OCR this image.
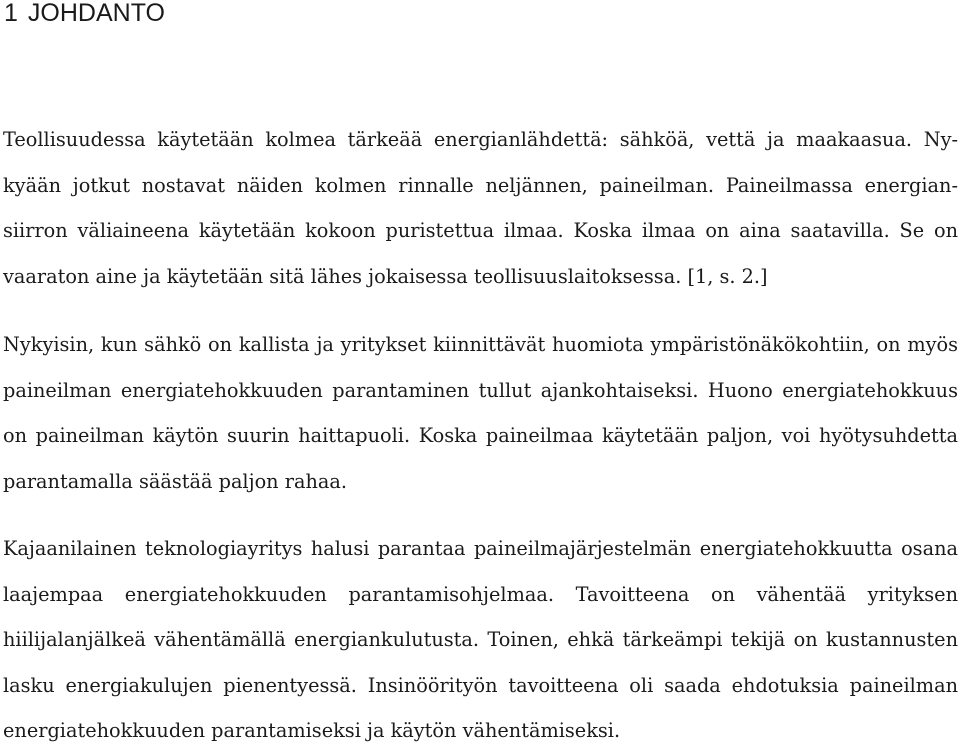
1 JOHDANTO

Teollisuudessa käytetään kolmea tärkeää energianlähdettä: sähköä, vettä ja maakaasua. Nykyään jotkut nostavat näiden kolmen rinnalle neljännen, paineilman. Paineilmassa energiansiirron väliaineena käytetään kokoon puristettua ilmaa. Koska ilmaa on aina saatavilla. Se on vaaraton aine ja käytetään sitä lähes jokaisessa teollisuuslaitoksessa. [1, s. 2.]

Nykyisin, kun sähkö on kallista ja yritykset kiinnittävät huomiota ympäristönäkökohtiin, on myös paineilman energiatehokkuuden parantaminen tullut ajankohtaiseksi. Huono energiatehokkuus on paineilman käytön suurin haittapuoli. Koska paineilmaa käytetään paljon, voi hyötysuhdetta parantamalla säästää paljon rahaa.

Kajaanilainen teknologiayritys halusi parantaa paineilmajärjestelmän energiatehokkuutta osana laajempaa energiatehokkuuden parantamisohjelmaa. Tavoitteena on vähentää yrityksen hiilijalanjälkeä vähentämällä energiankulutusta. Toinen, ehkä tärkeämpi tekijä on kustannusten lasku energiakulujen pienentyessä. Insinöörityön tavoitteena oli saada ehdotuksia paineilman energiatehokkuuden parantamiseksi ja käytön vähentämiseksi.
